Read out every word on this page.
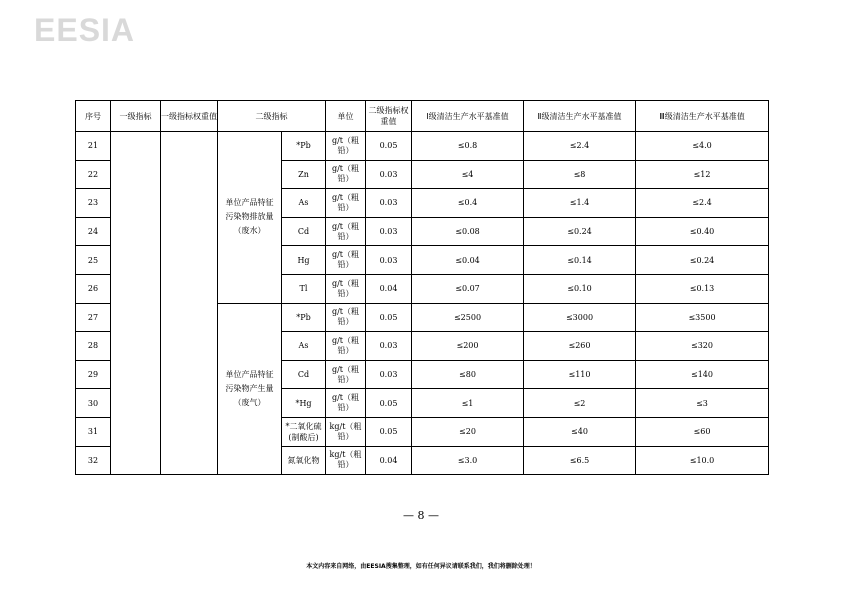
EESIA
序号	一级指标	一级指标权重值	二级指标		单位	二级指标权重值	Ⅰ级清洁生产水平基准值	Ⅱ级清洁生产水平基准值	Ⅲ级清洁生产水平基准值
21			单位产品特征污染物排放量（废水）	*Pb	g/t（粗铅）	0.05	≤0.8	≤2.4	≤4.0
22				Zn	g/t（粗铅）	0.03	≤4	≤8	≤12
23				As	g/t（粗铅）	0.03	≤0.4	≤1.4	≤2.4
24				Cd	g/t（粗铅）	0.03	≤0.08	≤0.24	≤0.40
25				Hg	g/t（粗铅）	0.03	≤0.04	≤0.14	≤0.24
26				Tl	g/t（粗铅）	0.04	≤0.07	≤0.10	≤0.13
27			单位产品特征污染物产生量（废气）	*Pb	g/t（粗铅）	0.05	≤2500	≤3000	≤3500
28				As	g/t（粗铅）	0.03	≤200	≤260	≤320
29				Cd	g/t（粗铅）	0.03	≤80	≤110	≤140
30				*Hg	g/t（粗铅）	0.05	≤1	≤2	≤3
31				*二氧化硫(制酸后)	kg/t（粗铅）	0.05	≤20	≤40	≤60
32				氮氧化物	kg/t（粗铅）	0.04	≤3.0	≤6.5	≤10.0
— 8 —
本文内容来自网络，由EESIA搜集整理，如有任何异议请联系我们，我们将删除处理！
